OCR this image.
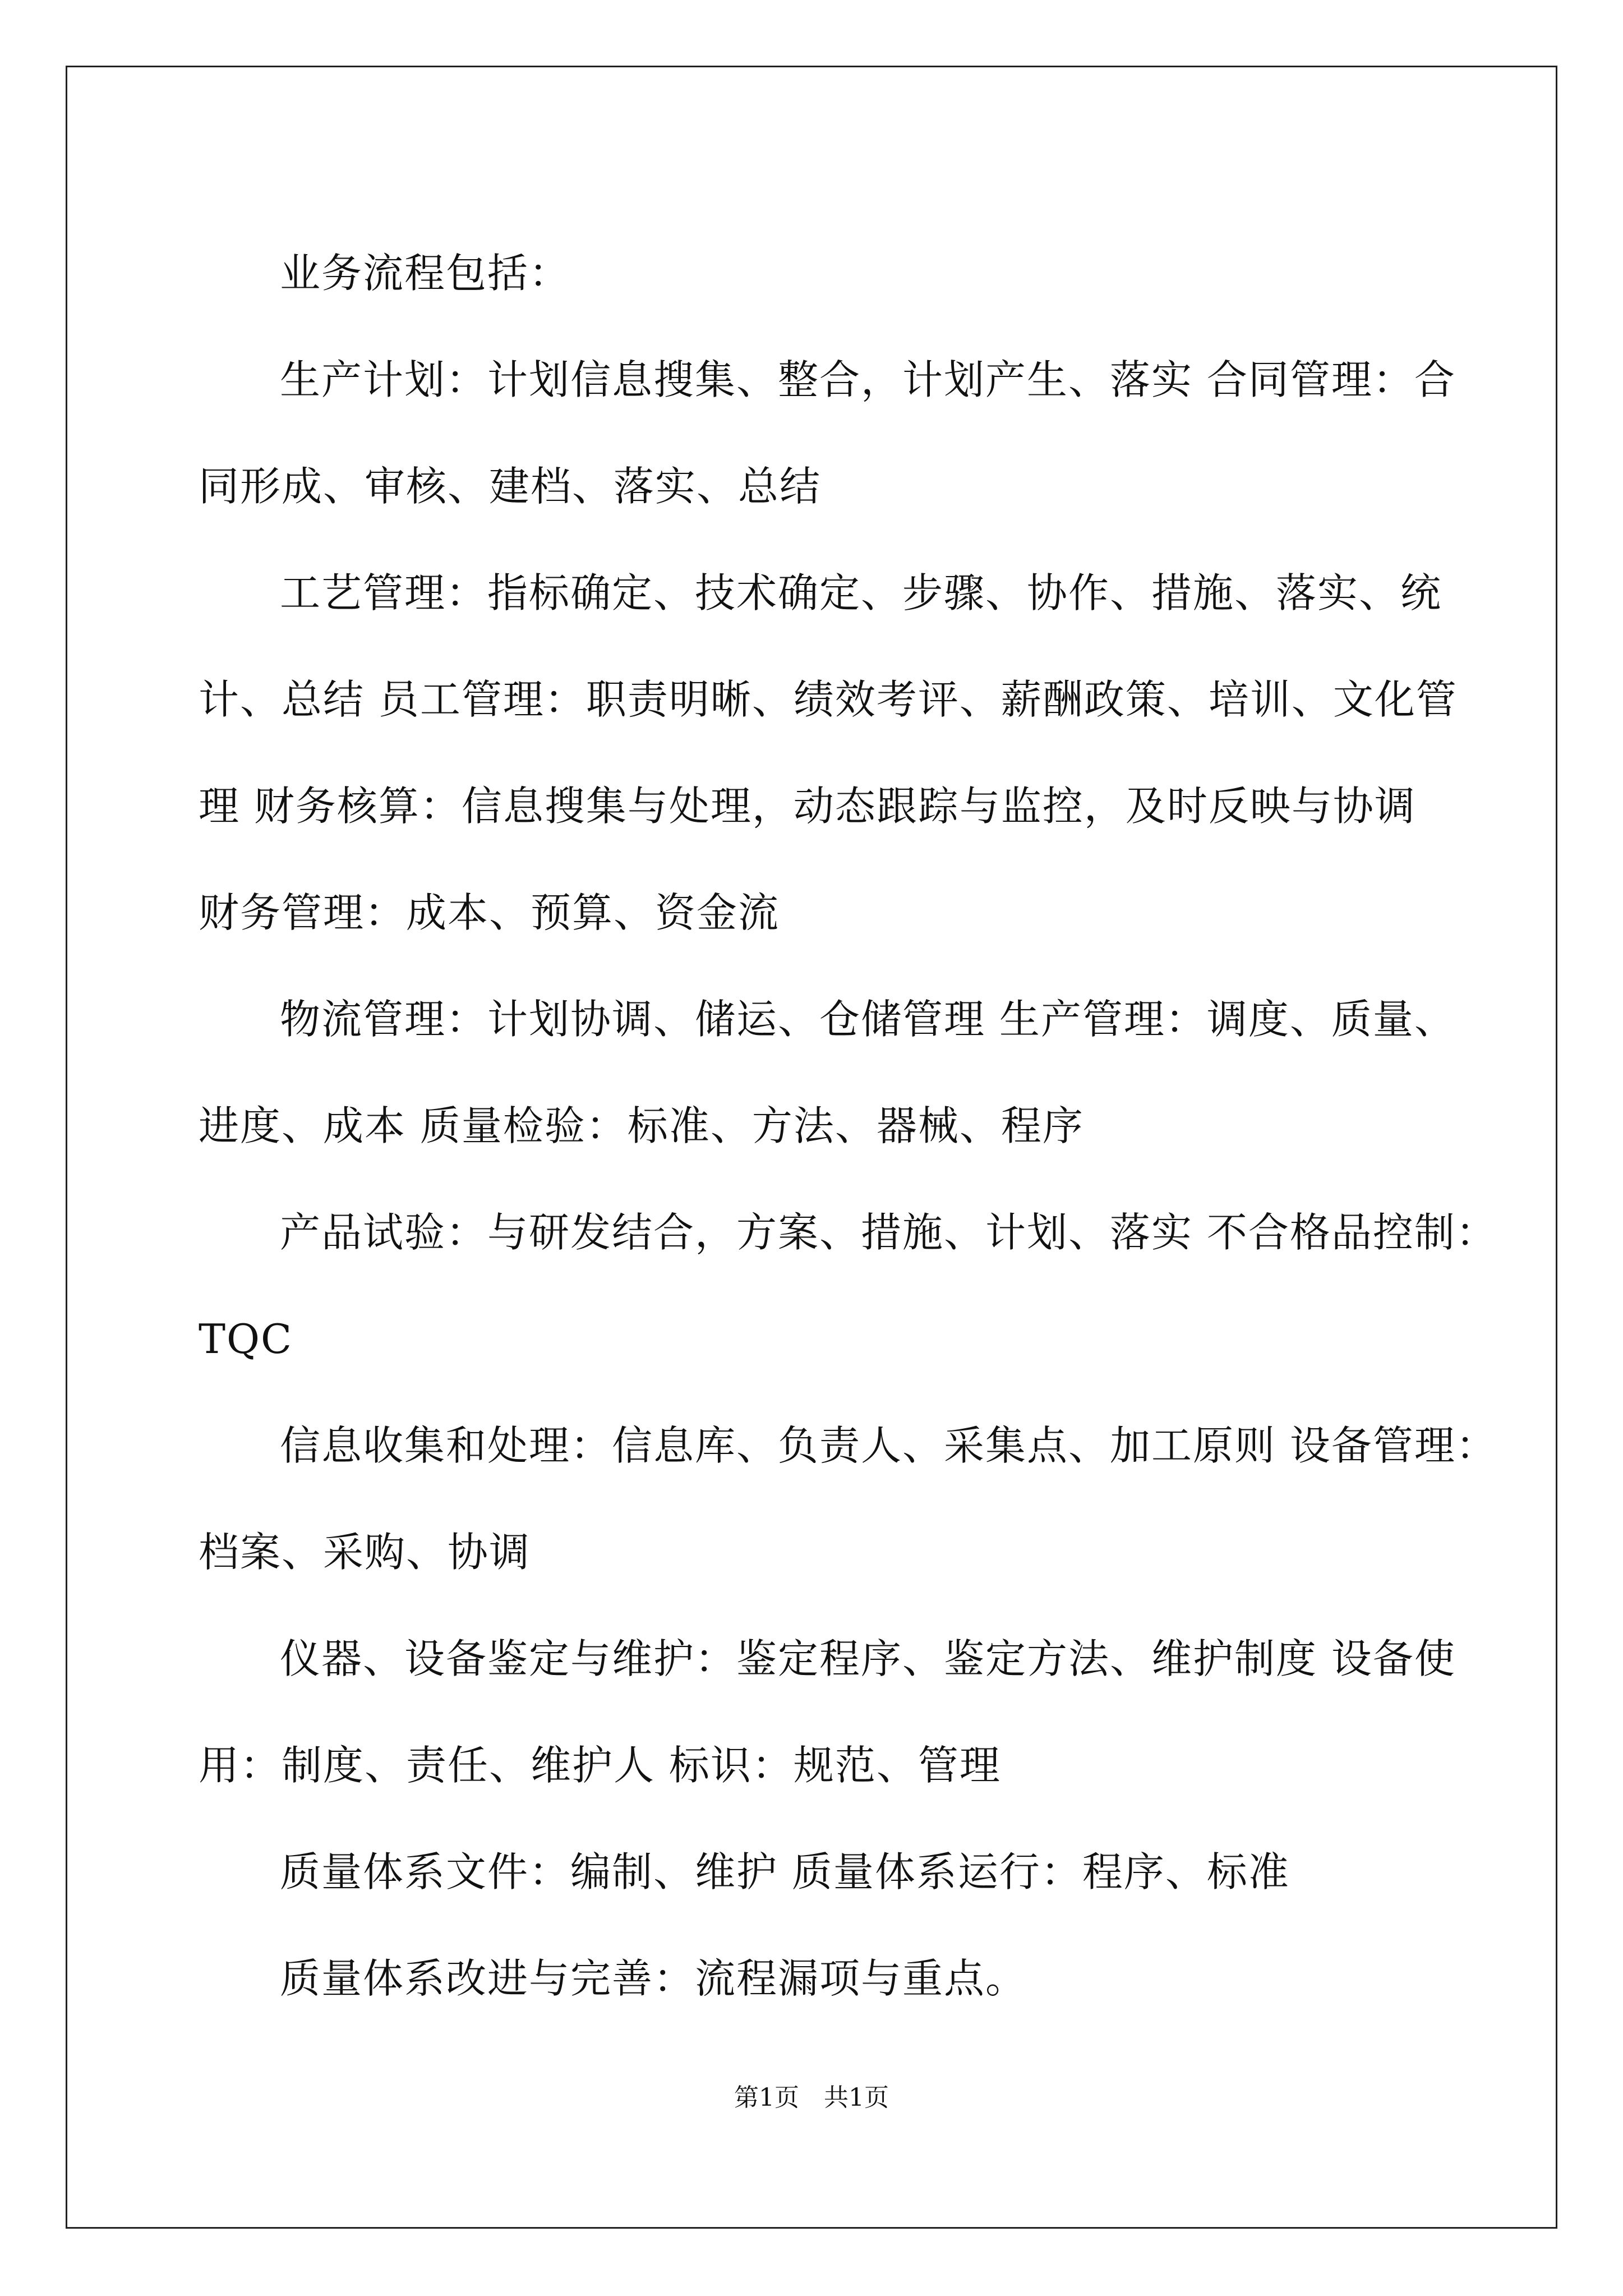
业务流程包括：
生产计划：计划信息搜集、整合，计划产生、落实 合同管理：合
同形成、审核、建档、落实、总结
工艺管理：指标确定、技术确定、步骤、协作、措施、落实、统
计、总结 员工管理：职责明晰、绩效考评、薪酬政策、培训、文化管
理 财务核算：信息搜集与处理，动态跟踪与监控，及时反映与协调
财务管理：成本、预算、资金流
物流管理：计划协调、储运、仓储管理 生产管理：调度、质量、
进度、成本 质量检验：标准、方法、器械、程序
产品试验：与研发结合，方案、措施、计划、落实 不合格品控制：
TQC
信息收集和处理：信息库、负责人、采集点、加工原则 设备管理：
档案、采购、协调
仪器、设备鉴定与维护：鉴定程序、鉴定方法、维护制度 设备使
用：制度、责任、维护人 标识：规范、管理
质量体系文件：编制、维护 质量体系运行：程序、标准
质量体系改进与完善：流程漏项与重点。
第1页　共1页
